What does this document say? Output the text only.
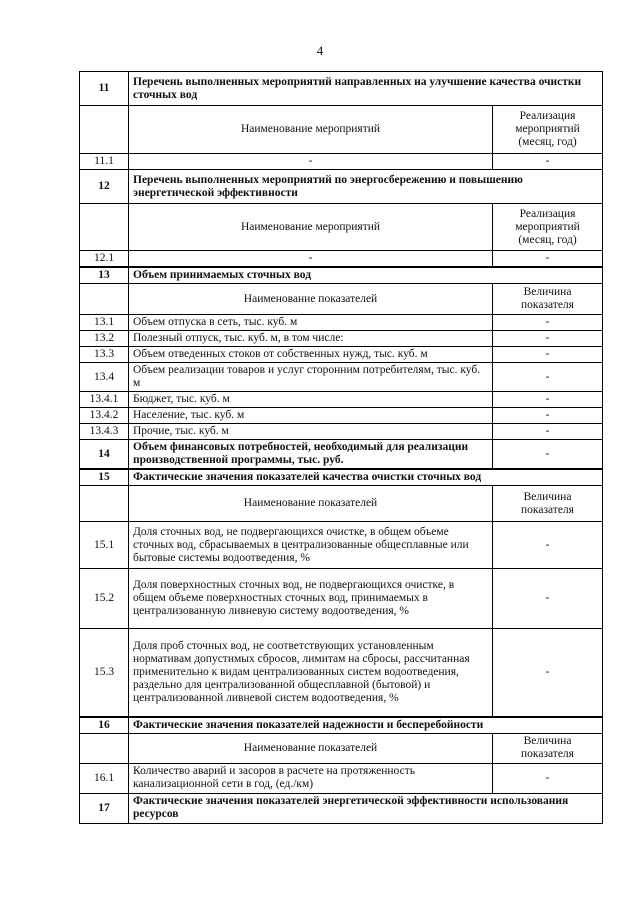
4
11	Перечень выполненных мероприятий направленных на улучшение качества очистки сточных вод	
	Наименование мероприятий	Реализация мероприятий (месяц, год)
11.1	-	-
12	Перечень выполненных мероприятий по энергосбережению и повышению энергетической эффективности	
	Наименование мероприятий	Реализация мероприятий (месяц, год)
12.1	-	-
13	Объем принимаемых сточных вод	
	Наименование показателей	Величина показателя
13.1	Объем отпуска в сеть, тыс. куб. м	-
13.2	Полезный отпуск, тыс. куб. м, в том числе:	-
13.3	Объем отведенных стоков от собственных нужд, тыс. куб. м	-
13.4	Объем реализации товаров и услуг сторонним потребителям, тыс. куб. м	-
13.4.1	Бюджет, тыс. куб. м	-
13.4.2	Население, тыс. куб. м	-
13.4.3	Прочие, тыс. куб. м	-
14	Объем финансовых потребностей, необходимый для реализации производственной программы, тыс. руб.	-
15	Фактические значения показателей качества очистки сточных вод	
	Наименование показателей	Величина показателя
15.1	Доля сточных вод, не подвергающихся очистке, в общем объеме сточных вод, сбрасываемых в централизованные общесплавные или бытовые системы водоотведения, %	-
15.2	Доля поверхностных сточных вод, не подвергающихся очистке, в общем объеме поверхностных сточных вод, принимаемых в централизованную ливневую систему водоотведения, %	-
15.3	Доля проб сточных вод, не соответствующих установленным нормативам допустимых сбросов, лимитам на сбросы, рассчитанная применительно к видам централизованных систем водоотведения, раздельно для централизованной общесплавной (бытовой) и централизованной ливневой систем водоотведения, %	-
16	Фактические значения показателей надежности и бесперебойности	
	Наименование показателей	Величина показателя
16.1	Количество аварий и засоров в расчете на протяженность канализационной сети в год, (ед./км)	-
17	Фактические значения показателей энергетической эффективности использования ресурсов	
